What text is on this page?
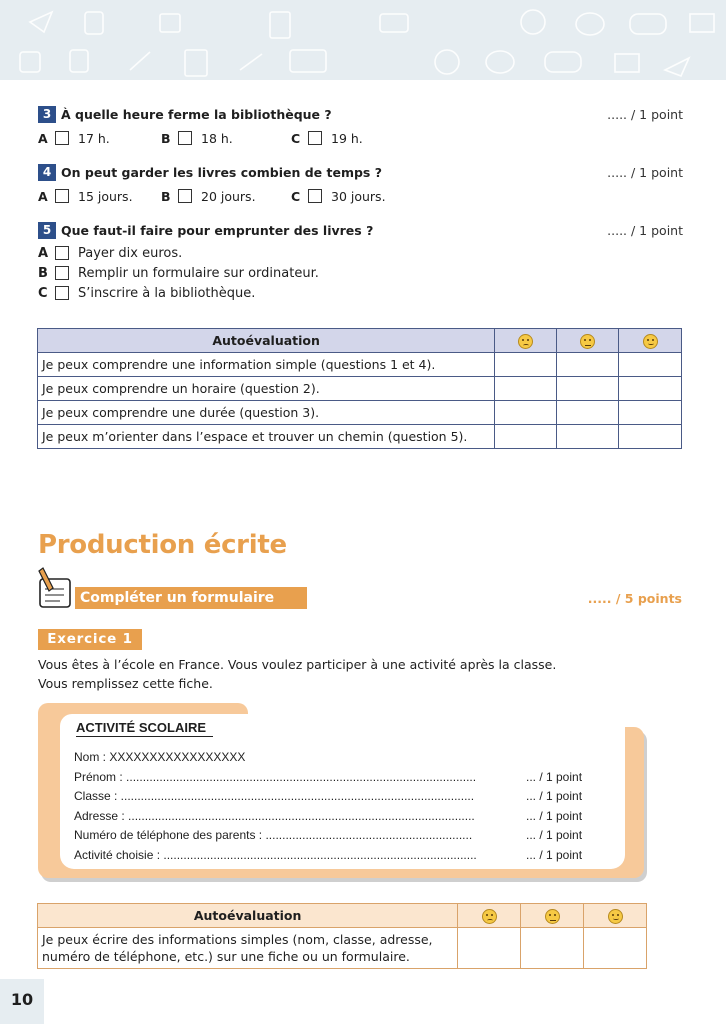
3 À quelle heure ferme la bibliothèque ?	..... / 1 point
A	17 h.	B	18 h.	C	19 h.
4 On peut garder les livres combien de temps ?	..... / 1 point
A	15 jours. B	20 jours.	C	30 jours.
5 Que faut-il faire pour emprunter des livres ?	..... / 1 point
A	Payer dix euros.
B	Remplir un formulaire sur ordinateur.
C	S’inscrire à la bibliothèque.
Autoévaluation	

Je peux comprendre une information simple (questions 1 et 4).			
Je peux comprendre un horaire (question 2).			
Je peux comprendre une durée (question 3).			
Je peux m’orienter dans l’espace et trouver un chemin (question 5).			
Production écrite
Compléter un formulaire	..... / 5 points
Exercice 1
Vous êtes à l’école en France. Vous voulez participer à une activité après la classe.
Vous remplissez cette fiche.
ACTIVITÉ SCOLAIRE
Nom : XXXXXXXXXXXXXXXXX
Prénom : .........................................................................................................	... / 1 point
Classe : ..........................................................................................................	... / 1 point
Adresse : ........................................................................................................	... / 1 point
Numéro de téléphone des parents : ..............................................................	... / 1 point
Activité choisie : ..............................................................................................	... / 1 point
Autoévaluation	

Je peux écrire des informations simples (nom, classe, adresse,
numéro de téléphone, etc.) sur une fiche ou un formulaire.			

10
